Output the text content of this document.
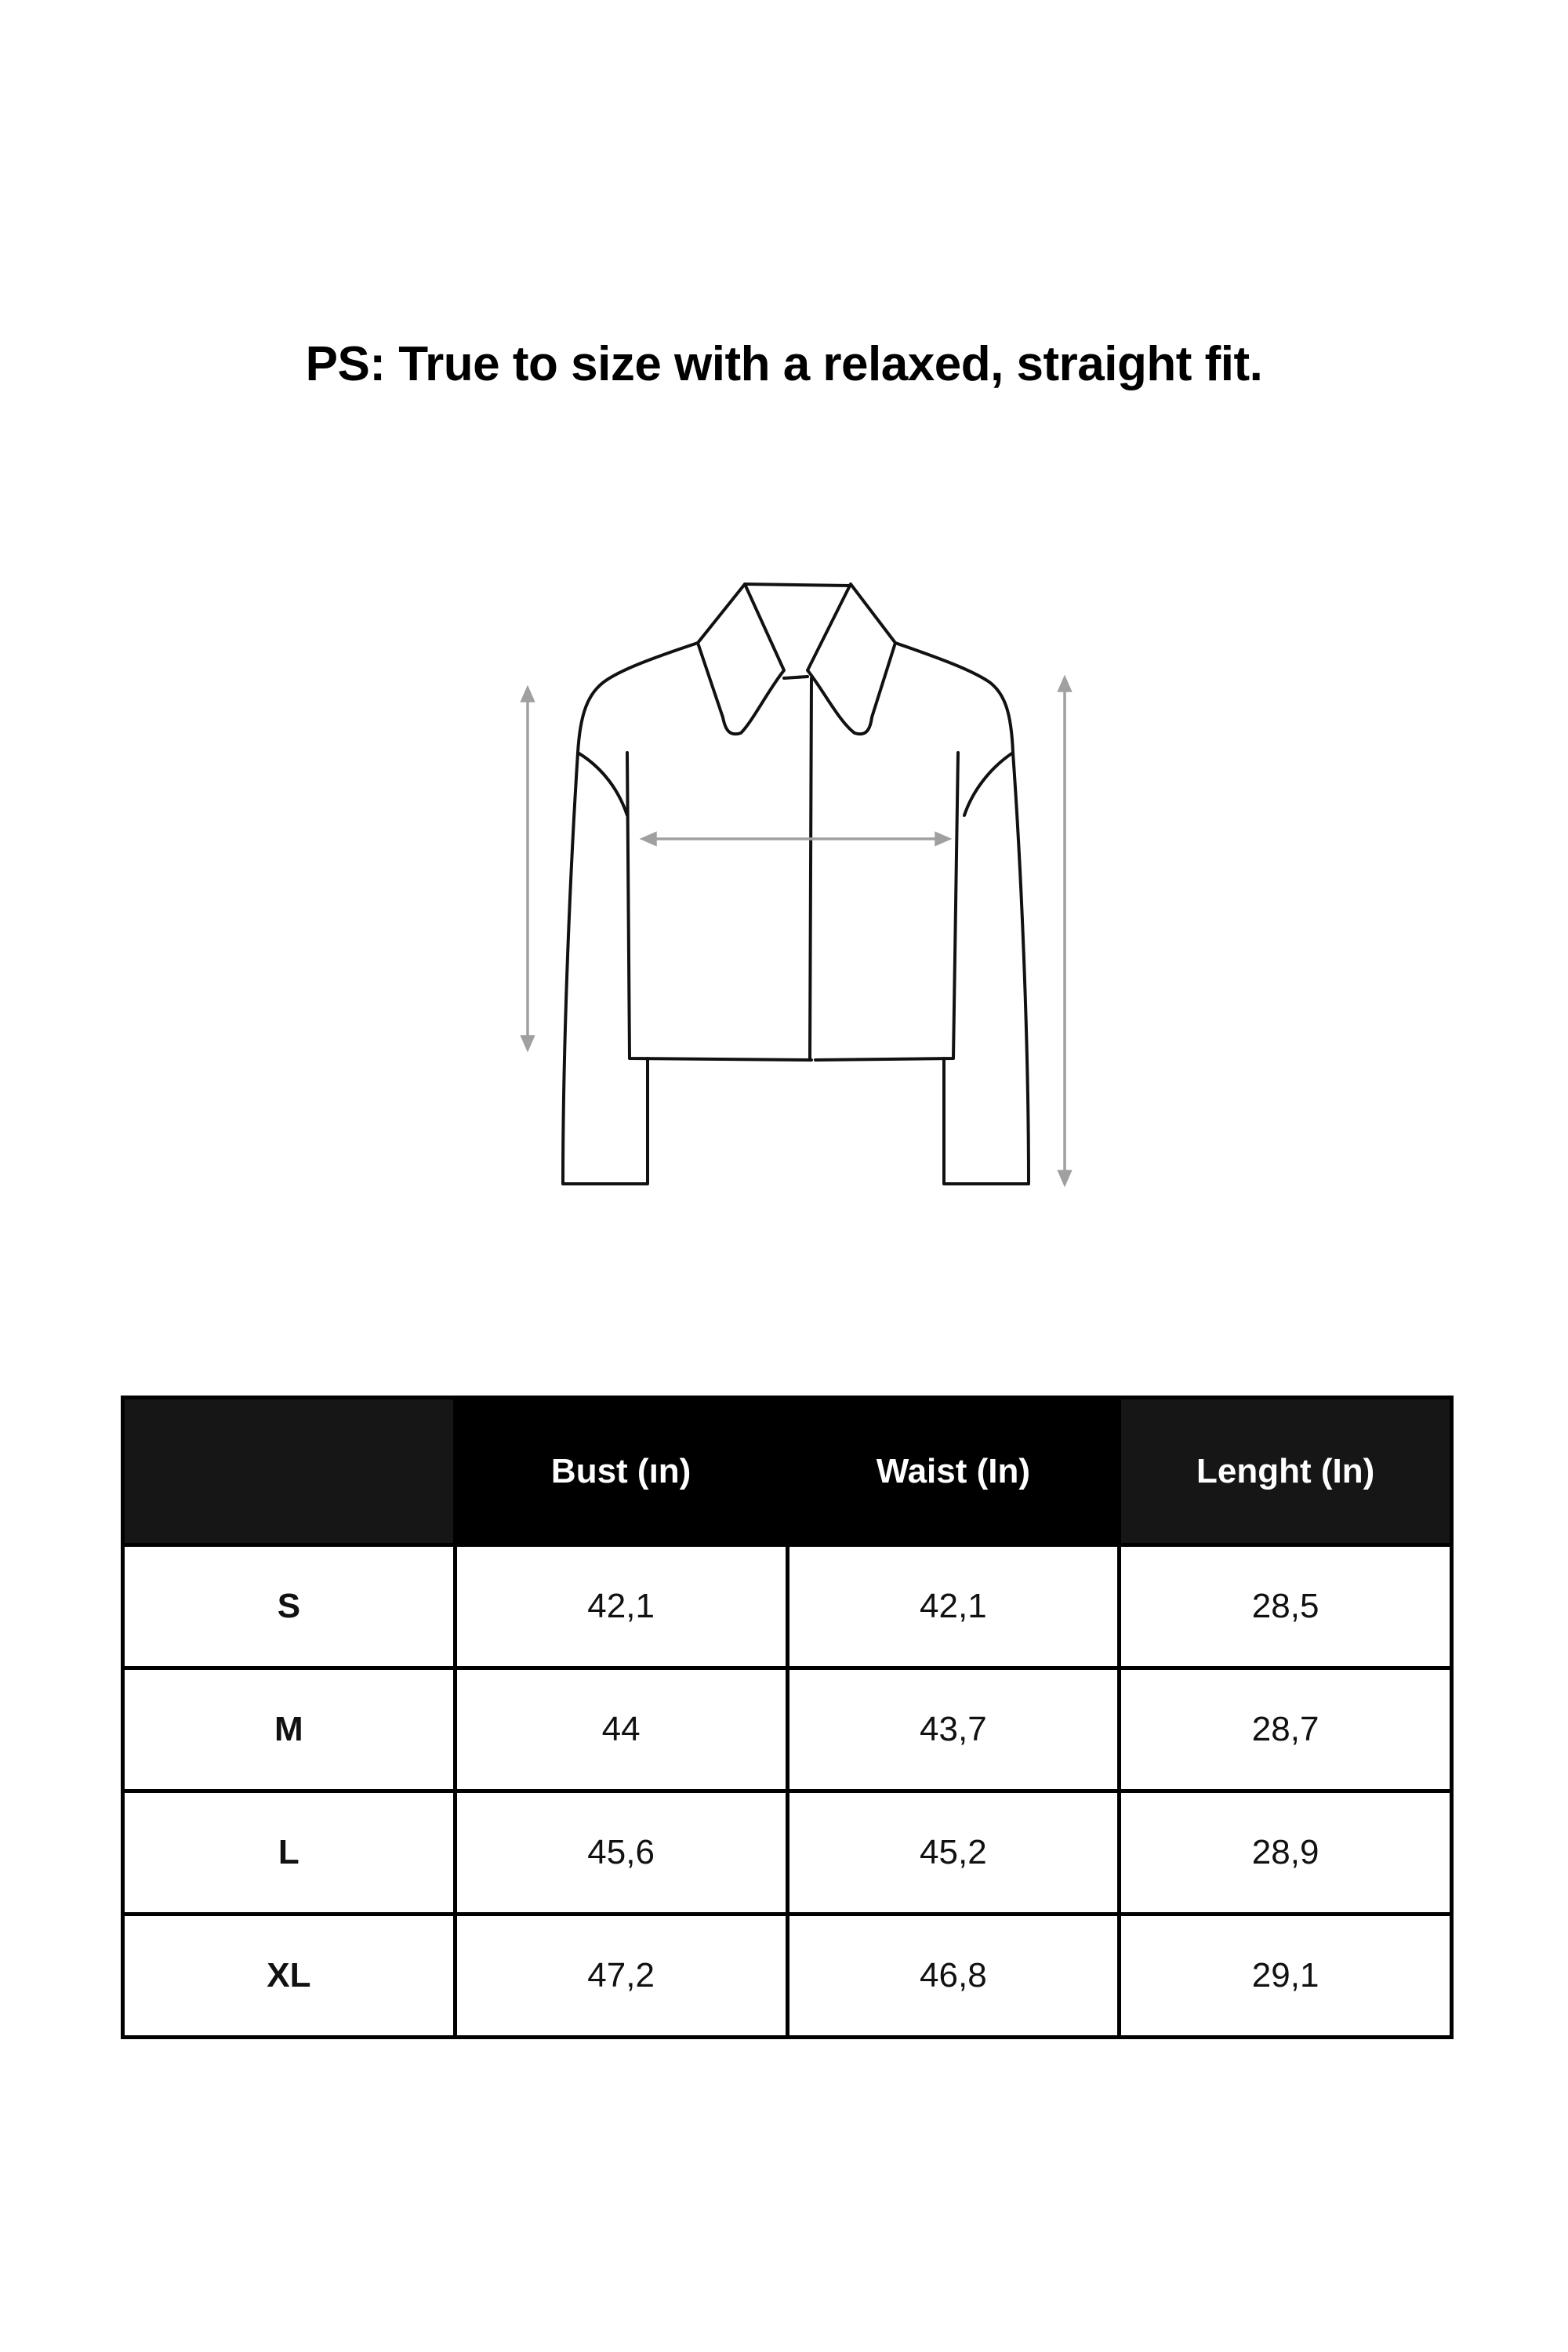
PS: True to size with a relaxed, straight fit.
	Bust (ın)	Waist (In)	Lenght (In)
S	42,1	42,1	28,5
M	44	43,7	28,7
L	45,6	45,2	28,9
XL	47,2	46,8	29,1
